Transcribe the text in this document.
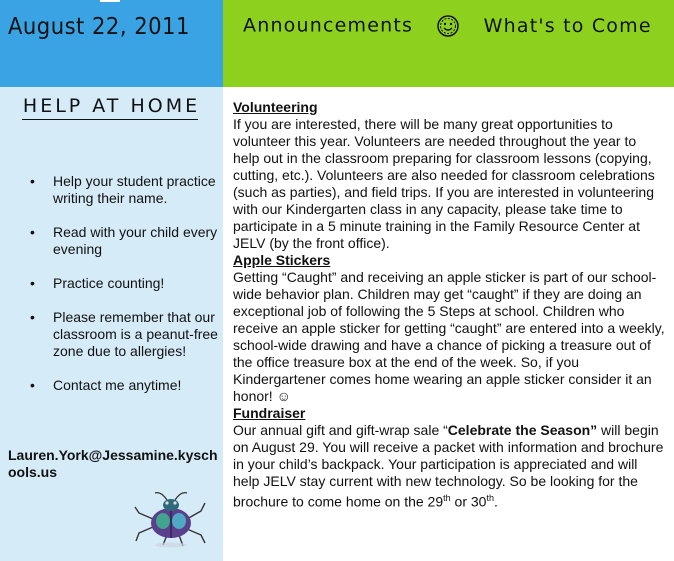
August 22, 2011	Announcements	What's to Come
HELP AT HOME
• Help your student practice writing their name.
• Read with your child every evening
• Practice counting!
• Please remember that our classroom is a peanut-free zone due to allergies!
• Contact me anytime!
Lauren.York@Jessamine.kyschools.us
Volunteering

If you are interested, there will be many great opportunities to volunteer this year. Volunteers are needed throughout the year to help out in the classroom preparing for classroom lessons (copying, cutting, etc.). Volunteers are also needed for classroom celebrations (such as parties), and field trips. If you are interested in volunteering with our Kindergarten class in any capacity, please take time to participate in a 5 minute training in the Family Resource Center at JELV (by the front office).

Apple Stickers

Getting “Caught” and receiving an apple sticker is part of our school-wide behavior plan. Children may get “caught” if they are doing an exceptional job of following the 5 Steps at school. Children who receive an apple sticker for getting “caught” are entered into a weekly, school-wide drawing and have a chance of picking a treasure out of the office treasure box at the end of the week. So, if you Kindergartener comes home wearing an apple sticker consider it an honor! ☺

Fundraiser

Our annual gift and gift-wrap sale “Celebrate the Season” will begin on August 29. You will receive a packet with information and brochure in your child’s backpack. Your participation is appreciated and will help JELV stay current with new technology. So be looking for the brochure to come home on the 29th or 30th.
